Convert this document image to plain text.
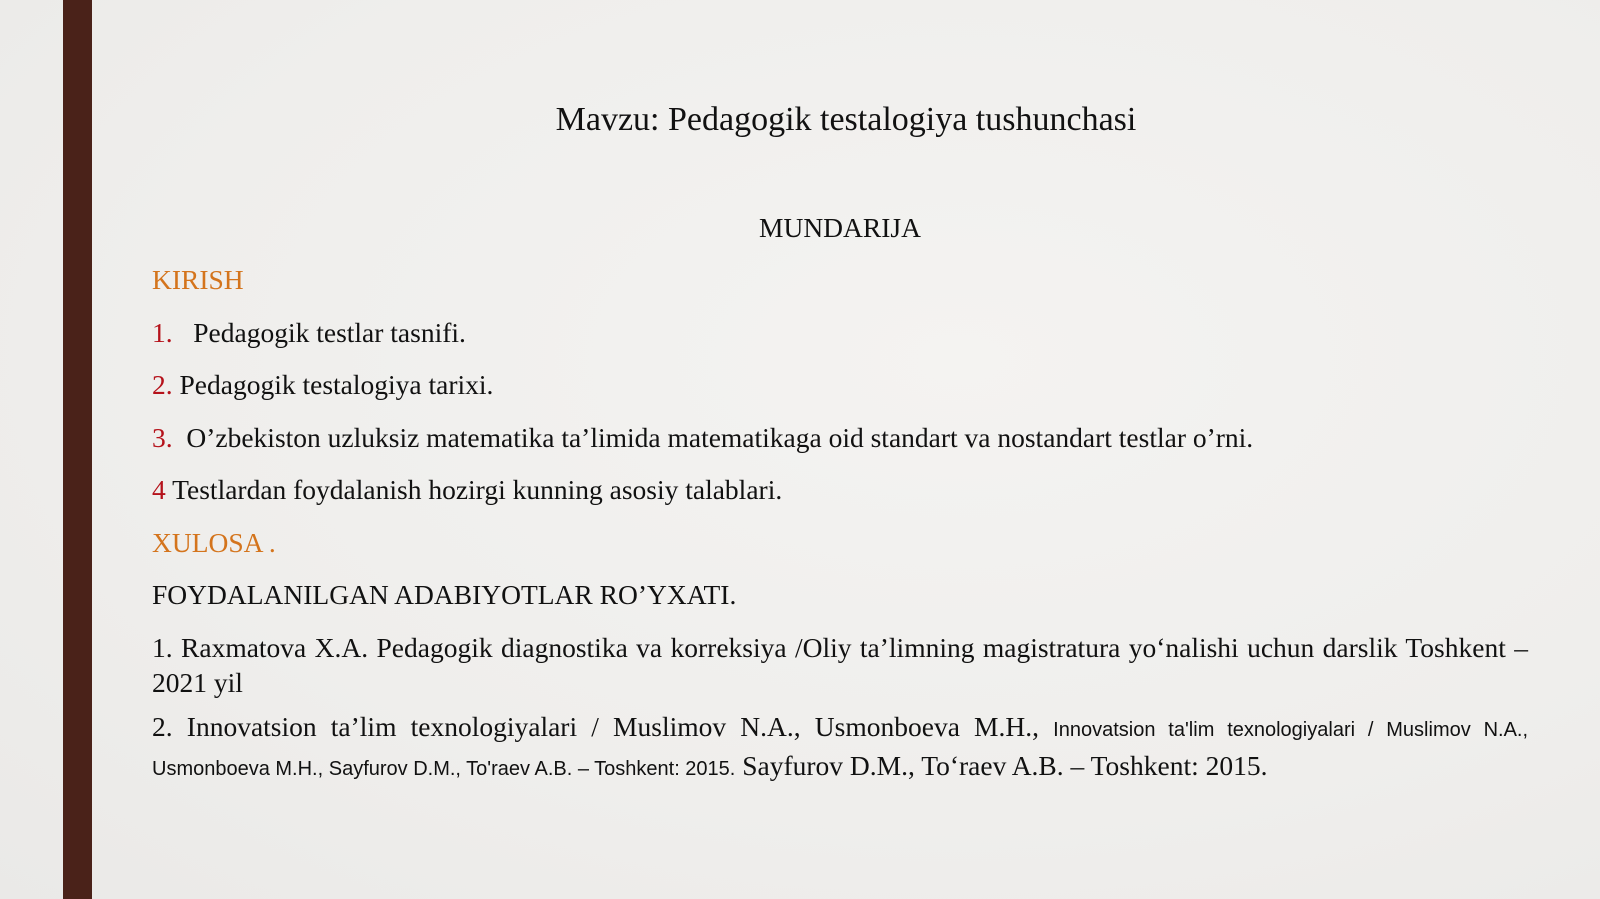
Mavzu: Pedagogik testalogiya tushunchasi
MUNDARIJA

KIRISH

1. Pedagogik testlar tasnifi.

2. Pedagogik testalogiya tarixi.

3. O’zbekiston uzluksiz matematika ta’limida matematikaga oid standart va nostandart testlar o’rni.

4 Testlardan foydalanish hozirgi kunning asosiy talablari.

XULOSA .

FOYDALANILGAN ADABIYOTLAR RO’YXATI.

1. Raxmatova X.A. Pedagogik diagnostika va korreksiya /Oliy ta’limning magistratura yo‘nalishi uchun darslik Toshkent – 2021 yil

2. Innovatsion ta’lim texnologiyalari / Muslimov N.A., Usmonboeva M.H., Innovatsion ta'lim texnologiyalari / Muslimov N.A., Usmonboeva M.H., Sayfurov D.M., To'raev A.B. – Toshkent: 2015. Sayfurov D.M., To‘raev A.B. – Toshkent: 2015.
